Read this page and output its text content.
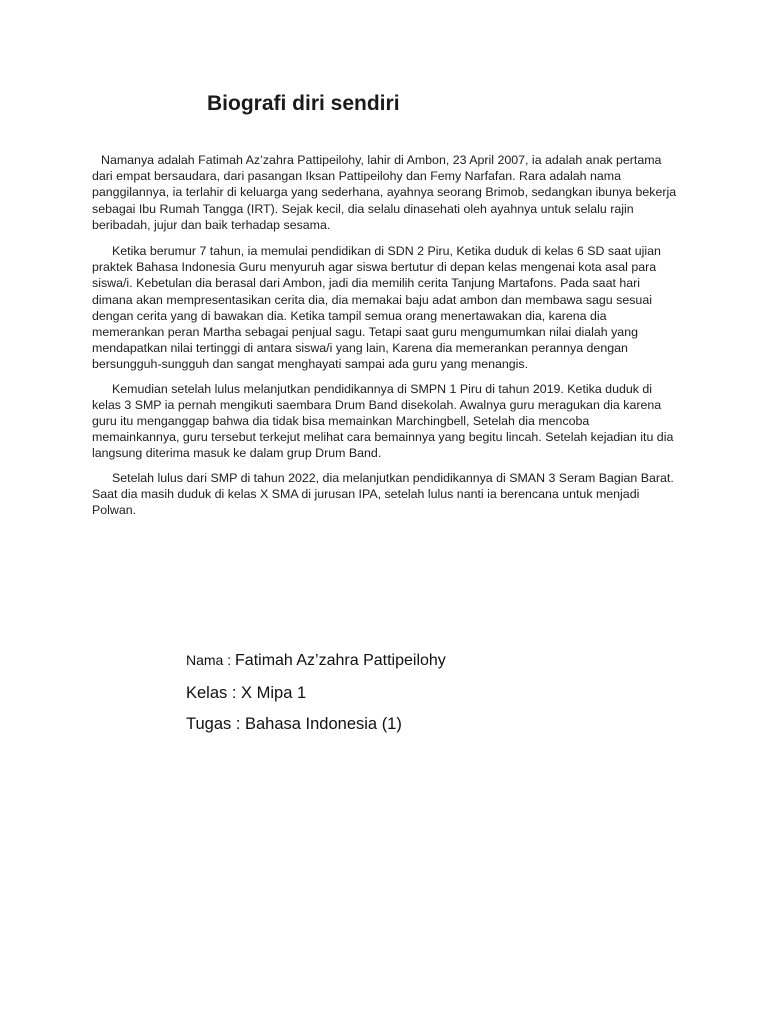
Biografi diri sendiri

Namanya adalah Fatimah Az’zahra Pattipeilohy, lahir di Ambon, 23 April 2007, ia adalah anak pertama dari empat bersaudara, dari pasangan Iksan Pattipeilohy dan Femy Narfafan. Rara adalah nama panggilannya, ia terlahir di keluarga yang sederhana, ayahnya seorang Brimob, sedangkan ibunya bekerja sebagai Ibu Rumah Tangga (IRT). Sejak kecil, dia selalu dinasehati oleh ayahnya untuk selalu rajin beribadah, jujur dan baik terhadap sesama.

Ketika berumur 7 tahun, ia memulai pendidikan di SDN 2 Piru, Ketika duduk di kelas 6 SD saat ujian praktek Bahasa Indonesia Guru menyuruh agar siswa bertutur di depan kelas mengenai kota asal para siswa/i. Kebetulan dia berasal dari Ambon, jadi dia memilih cerita Tanjung Martafons. Pada saat hari dimana akan mempresentasikan cerita dia, dia memakai baju adat ambon dan membawa sagu sesuai dengan cerita yang di bawakan dia. Ketika tampil semua orang menertawakan dia, karena dia memerankan peran Martha sebagai penjual sagu. Tetapi saat guru mengumumkan nilai dialah yang mendapatkan nilai tertinggi di antara siswa/i yang lain, Karena dia memerankan perannya dengan bersungguh-sungguh dan sangat menghayati sampai ada guru yang menangis.

Kemudian setelah lulus melanjutkan pendidikannya di SMPN 1 Piru di tahun 2019. Ketika duduk di kelas 3 SMP ia pernah mengikuti saembara Drum Band disekolah. Awalnya guru meragukan dia karena guru itu menganggap bahwa dia tidak bisa memainkan Marchingbell, Setelah dia mencoba memainkannya, guru tersebut terkejut melihat cara bemainnya yang begitu lincah. Setelah kejadian itu dia langsung diterima masuk ke dalam grup Drum Band.

Setelah lulus dari SMP di tahun 2022, dia melanjutkan pendidikannya di SMAN 3 Seram Bagian Barat. Saat dia masih duduk di kelas X SMA di jurusan IPA, setelah lulus nanti ia berencana untuk menjadi Polwan.

Nama : Fatimah Az’zahra Pattipeilohy
Kelas : X Mipa 1
Tugas : Bahasa Indonesia (1)
